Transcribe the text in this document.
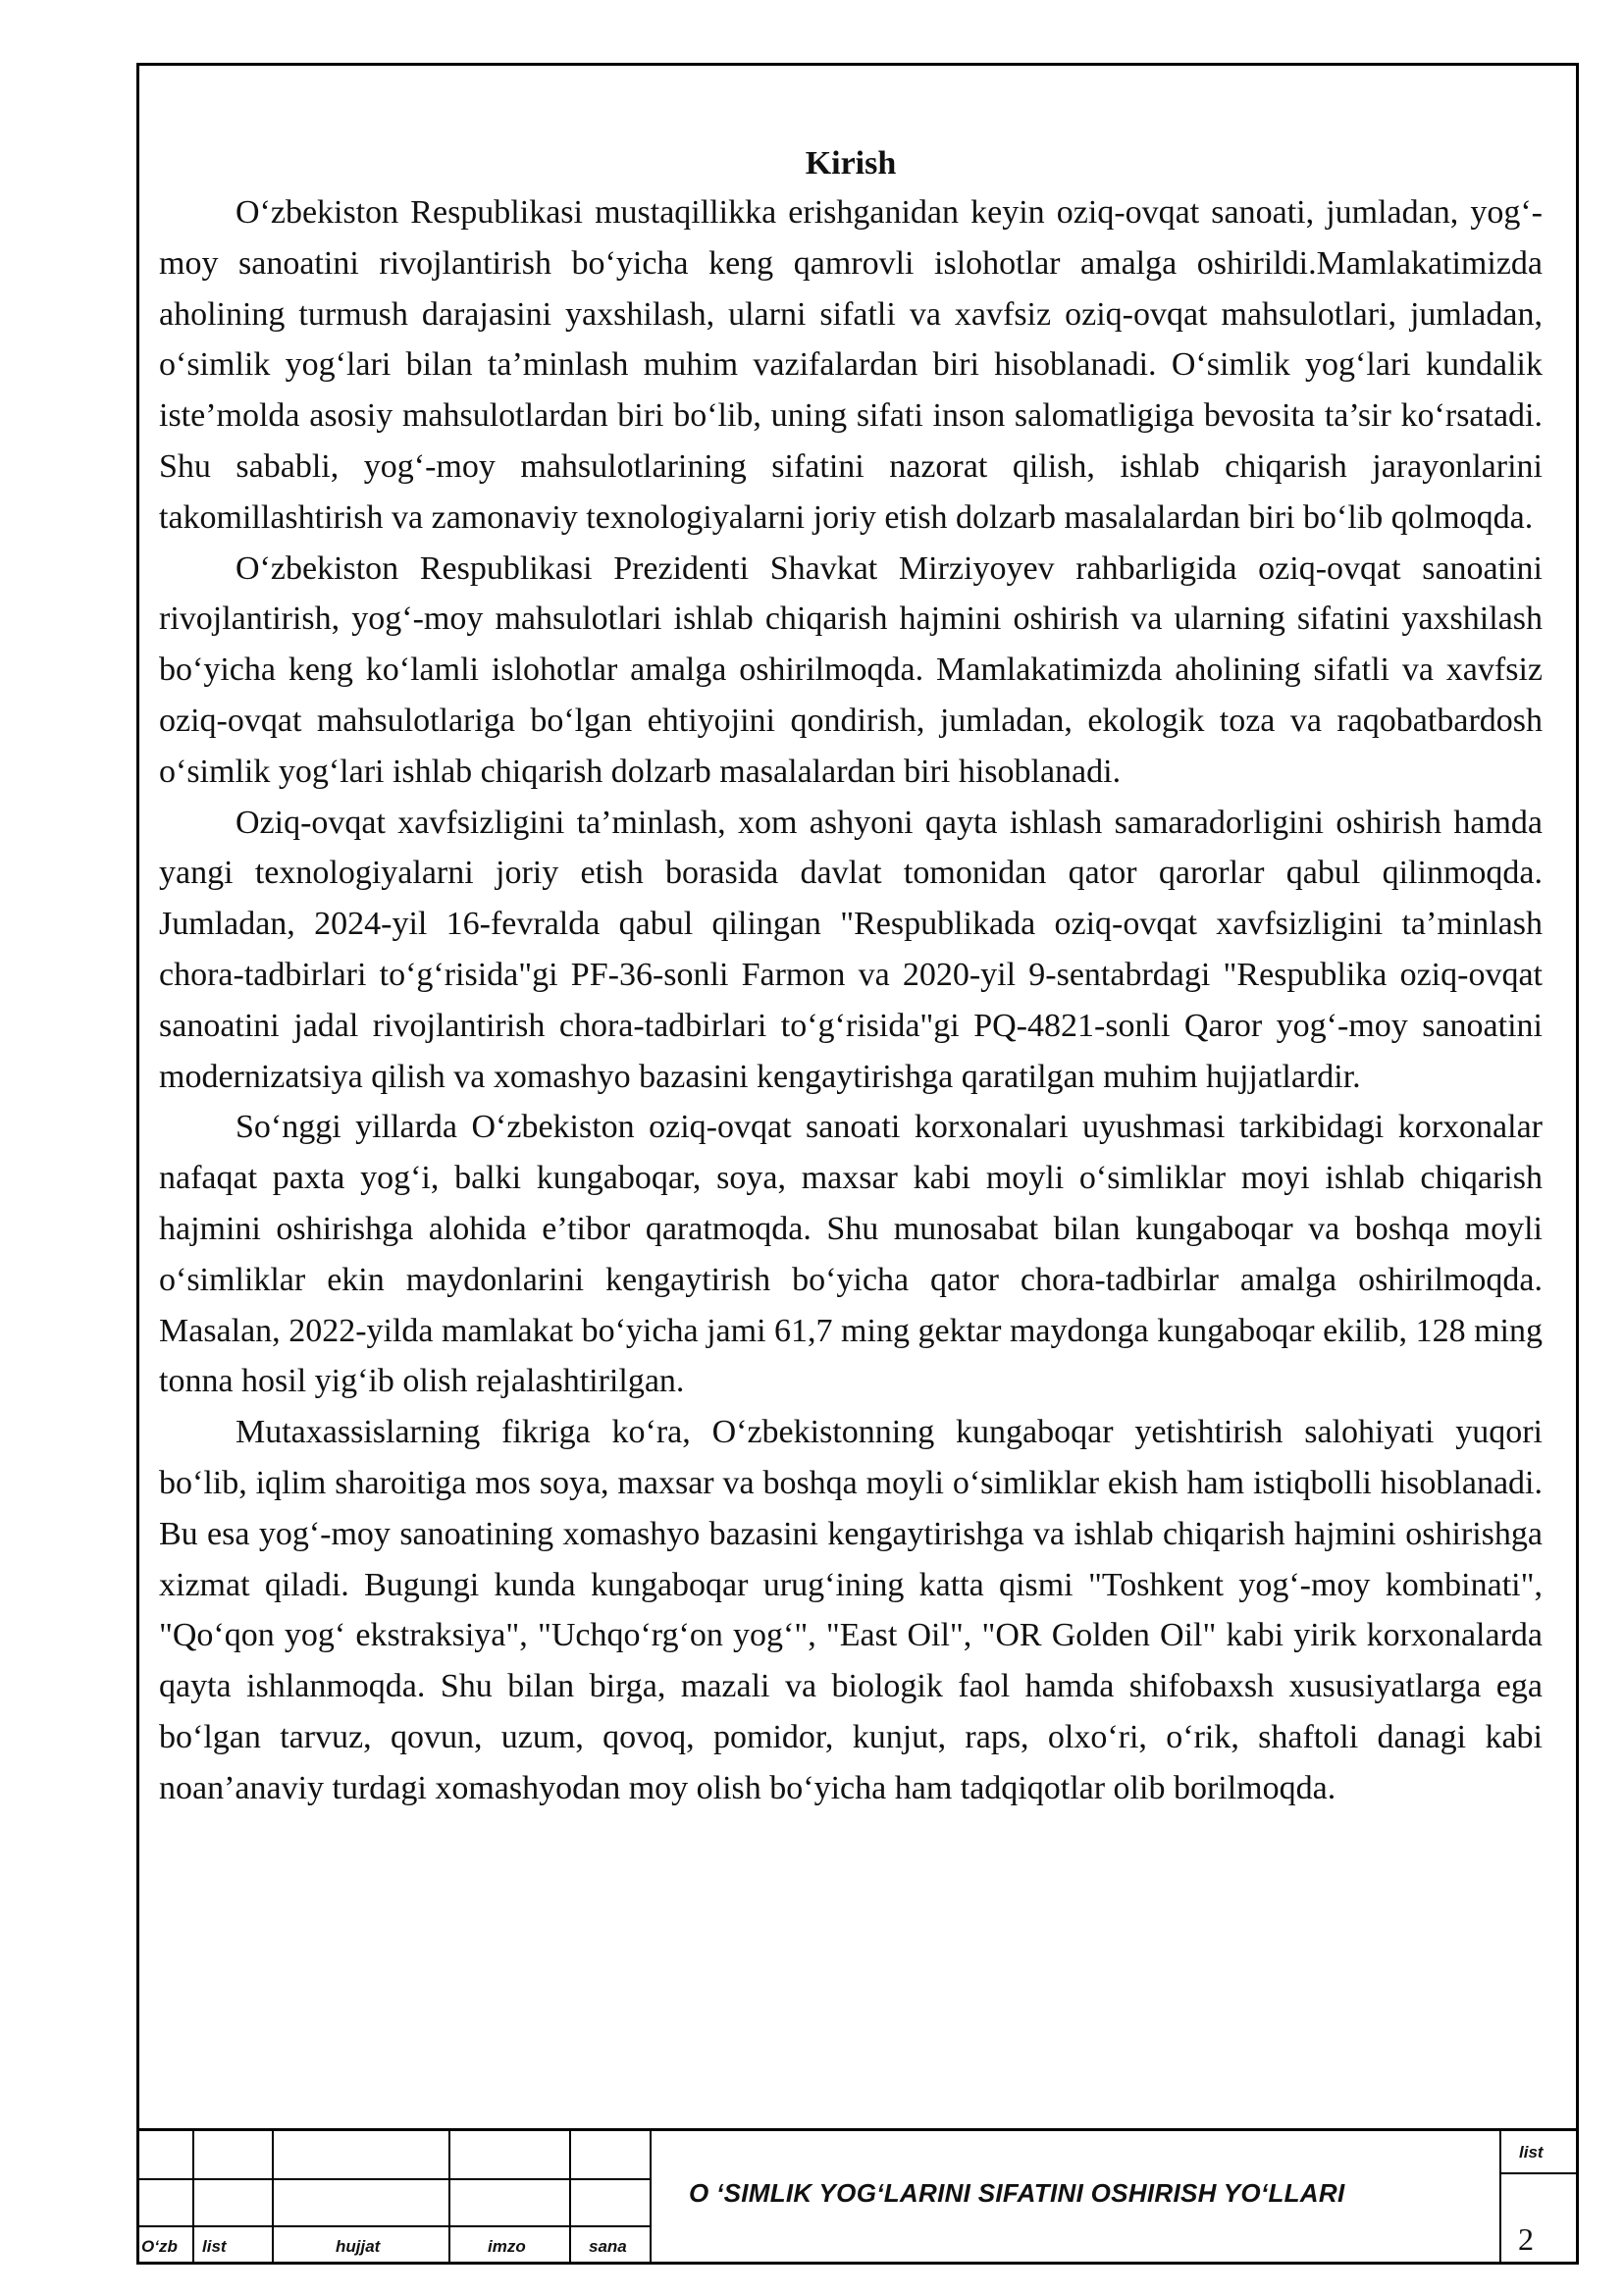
Kirish

O‘zbekiston Respublikasi mustaqillikka erishganidan keyin oziq-ovqat sanoati, jumladan, yog‘-moy sanoatini rivojlantirish bo‘yicha keng qamrovli islohotlar amalga oshirildi.Mamlakatimizda aholining turmush darajasini yaxshilash, ularni sifatli va xavfsiz oziq-ovqat mahsulotlari, jumladan, o‘simlik yog‘lari bilan ta’minlash muhim vazifalardan biri hisoblanadi. O‘simlik yog‘lari kundalik iste’molda asosiy mahsulotlardan biri bo‘lib, uning sifati inson salomatligiga bevosita ta’sir ko‘rsatadi. Shu sababli, yog‘-moy mahsulotlarining sifatini nazorat qilish, ishlab chiqarish jarayonlarini takomillashtirish va zamonaviy texnologiyalarni joriy etish dolzarb masalalardan biri bo‘lib qolmoqda.

O‘zbekiston Respublikasi Prezidenti Shavkat Mirziyoyev rahbarligida oziq-ovqat sanoatini rivojlantirish, yog‘-moy mahsulotlari ishlab chiqarish hajmini oshirish va ularning sifatini yaxshilash bo‘yicha keng ko‘lamli islohotlar amalga oshirilmoqda. Mamlakatimizda aholining sifatli va xavfsiz oziq-ovqat mahsulotlariga bo‘lgan ehtiyojini qondirish, jumladan, ekologik toza va raqobatbardosh o‘simlik yog‘lari ishlab chiqarish dolzarb masalalardan biri hisoblanadi.

Oziq-ovqat xavfsizligini ta’minlash, xom ashyoni qayta ishlash samaradorligini oshirish hamda yangi texnologiyalarni joriy etish borasida davlat tomonidan qator qarorlar qabul qilinmoqda. Jumladan, 2024-yil 16-fevralda qabul qilingan "Respublikada oziq-ovqat xavfsizligini ta’minlash chora-tadbirlari to‘g‘risida"gi PF-36-sonli Farmon va 2020-yil 9-sentabrdagi "Respublika oziq-ovqat sanoatini jadal rivojlantirish chora-tadbirlari to‘g‘risida"gi PQ-4821-sonli Qaror yog‘-moy sanoatini modernizatsiya qilish va xomashyo bazasini kengaytirishga qaratilgan muhim hujjatlardir.

So‘nggi yillarda O‘zbekiston oziq-ovqat sanoati korxonalari uyushmasi tarkibidagi korxonalar nafaqat paxta yog‘i, balki kungaboqar, soya, maxsar kabi moyli o‘simliklar moyi ishlab chiqarish hajmini oshirishga alohida e’tibor qaratmoqda. Shu munosabat bilan kungaboqar va boshqa moyli o‘simliklar ekin maydonlarini kengaytirish bo‘yicha qator chora-tadbirlar amalga oshirilmoqda. Masalan, 2022-yilda mamlakat bo‘yicha jami 61,7 ming gektar maydonga kungaboqar ekilib, 128 ming tonna hosil yig‘ib olish rejalashtirilgan.

Mutaxassislarning fikriga ko‘ra, O‘zbekistonning kungaboqar yetishtirish salohiyati yuqori bo‘lib, iqlim sharoitiga mos soya, maxsar va boshqa moyli o‘simliklar ekish ham istiqbolli hisoblanadi. Bu esa yog‘-moy sanoatining xomashyo bazasini kengaytirishga va ishlab chiqarish hajmini oshirishga xizmat qiladi. Bugungi kunda kungaboqar urug‘ining katta qismi "Toshkent yog‘-moy kombinati", "Qo‘qon yog‘ ekstraksiya", "Uchqo‘rg‘on yog‘", "East Oil", "OR Golden Oil" kabi yirik korxonalarda qayta ishlanmoqda. Shu bilan birga, mazali va biologik faol hamda shifobaxsh xususiyatlarga ega bo‘lgan tarvuz, qovun, uzum, qovoq, pomidor, kunjut, raps, olxo‘ri, o‘rik, shaftoli danagi kabi noan’anaviy turdagi xomashyodan moy olish bo‘yicha ham tadqiqotlar olib borilmoqda.

O‘zb list	hujjat	imzo	sana
O ‘SIMLIK YOG‘LARINI SIFATINI OSHIRISH YO‘LLARI
list
2
